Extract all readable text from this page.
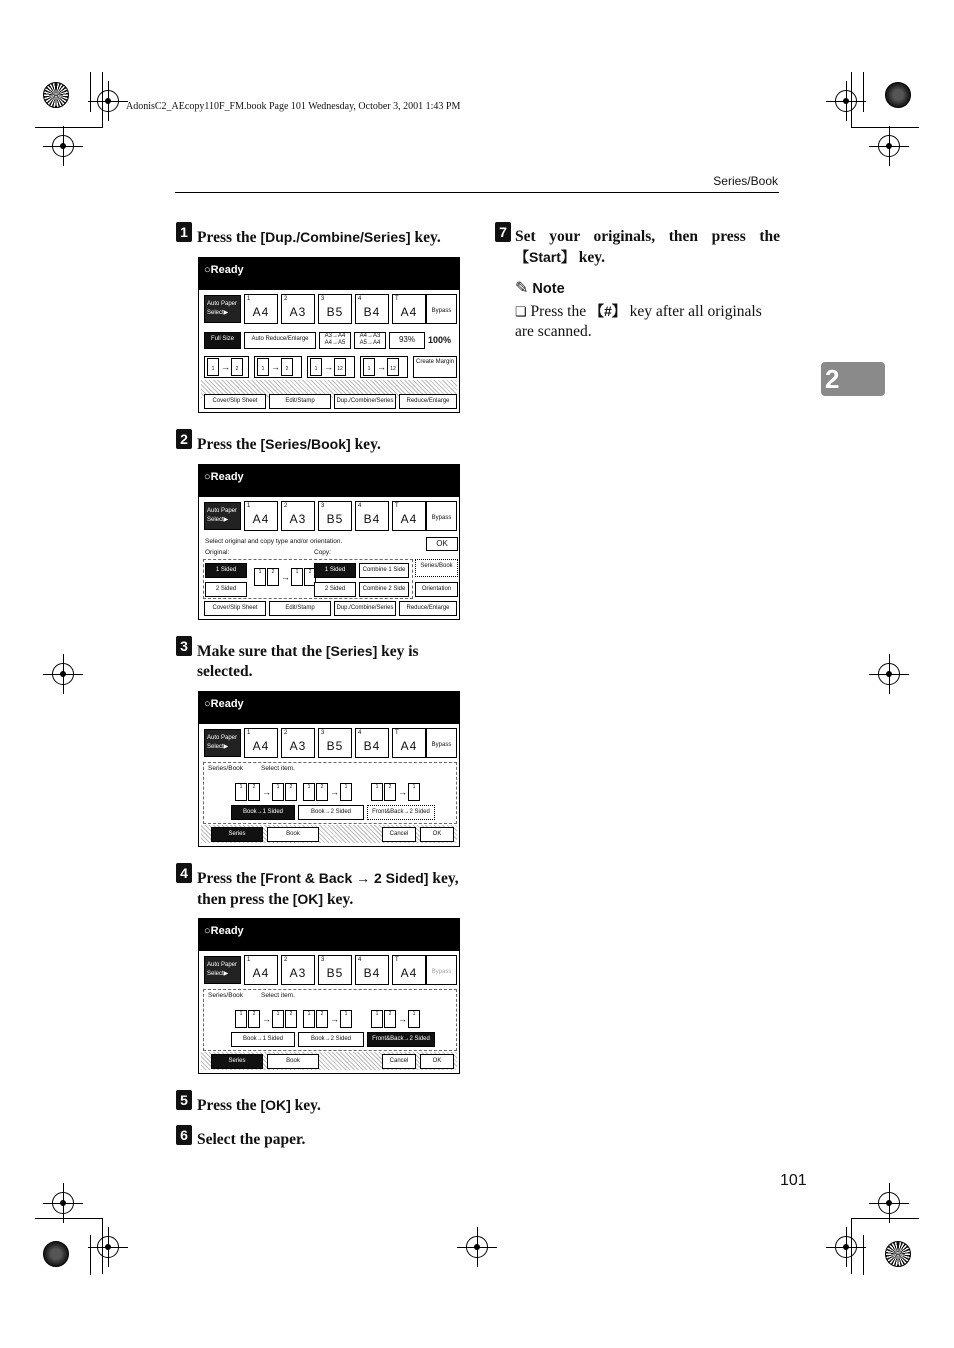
AdonisC2_AEcopy110F_FM.book Page 101 Wednesday, October 3, 2001 1:43 PM
Series/Book
2
101
1 Press the [Dup./Combine/Series] key.
○Ready
Auto Paper Select▶
1
A4
2
A3
3
B5
4
B4
T
A4	Bypass
Full Size	Auto Reduce/Enlarge	A3→A4 A4→A5
A4→A3 A5→A4	93%	100%
1 → 2	1 → 2	1 → 12	1 → 12
Create Margin
Cover/Slip Sheet	Edit/Stamp	Dup./Combine/Series	Reduce/Enlarge
2 Press the [Series/Book] key.
○Ready
Auto Paper Select▶
1
A4
2
A3
3
B5
4
B4
T
A4	Bypass
Select original and copy type and/or orientation.	OK
Original:	Copy:
1 Sided
2 Sided
1 2 → 1 2	1 Sided
2 Sided
Combine 1 Side
Combine 2 Side
Series/Book
Orientation
Cover/Slip Sheet	Edit/Stamp	Dup./Combine/Series	Reduce/Enlarge
3 Make sure that the [Series] key is selected.
○Ready
Auto Paper Select▶
1
A4
2
A3
3
B5
4
B4
T
A4	Bypass
Series/Book	Select item.
1 2 → 1 2	1 2 → 1	1 2 → 1
Book→1 Sided	Book→2 Sided	Front&Back→2 Sided
Series	Book	Cancel	OK
4 Press the [Front & Back → 2 Sided] key, then press the [OK] key.
○Ready
Auto Paper Select▶
1
A4
2
A3
3
B5
4
B4
T
A4	Bypass
Series/Book	Select item.
1 2 → 1 2	1 2 → 1	1 2 → 1
Book→1 Sided	Book→2 Sided	Front&Back→2 Sided
Series	Book	Cancel	OK
5 Press the [OK] key.
6 Select the paper.
7 Set your originals, then press the 【Start】 key.
✎ Note
❏ Press the 【#】 key after all originals are scanned.
